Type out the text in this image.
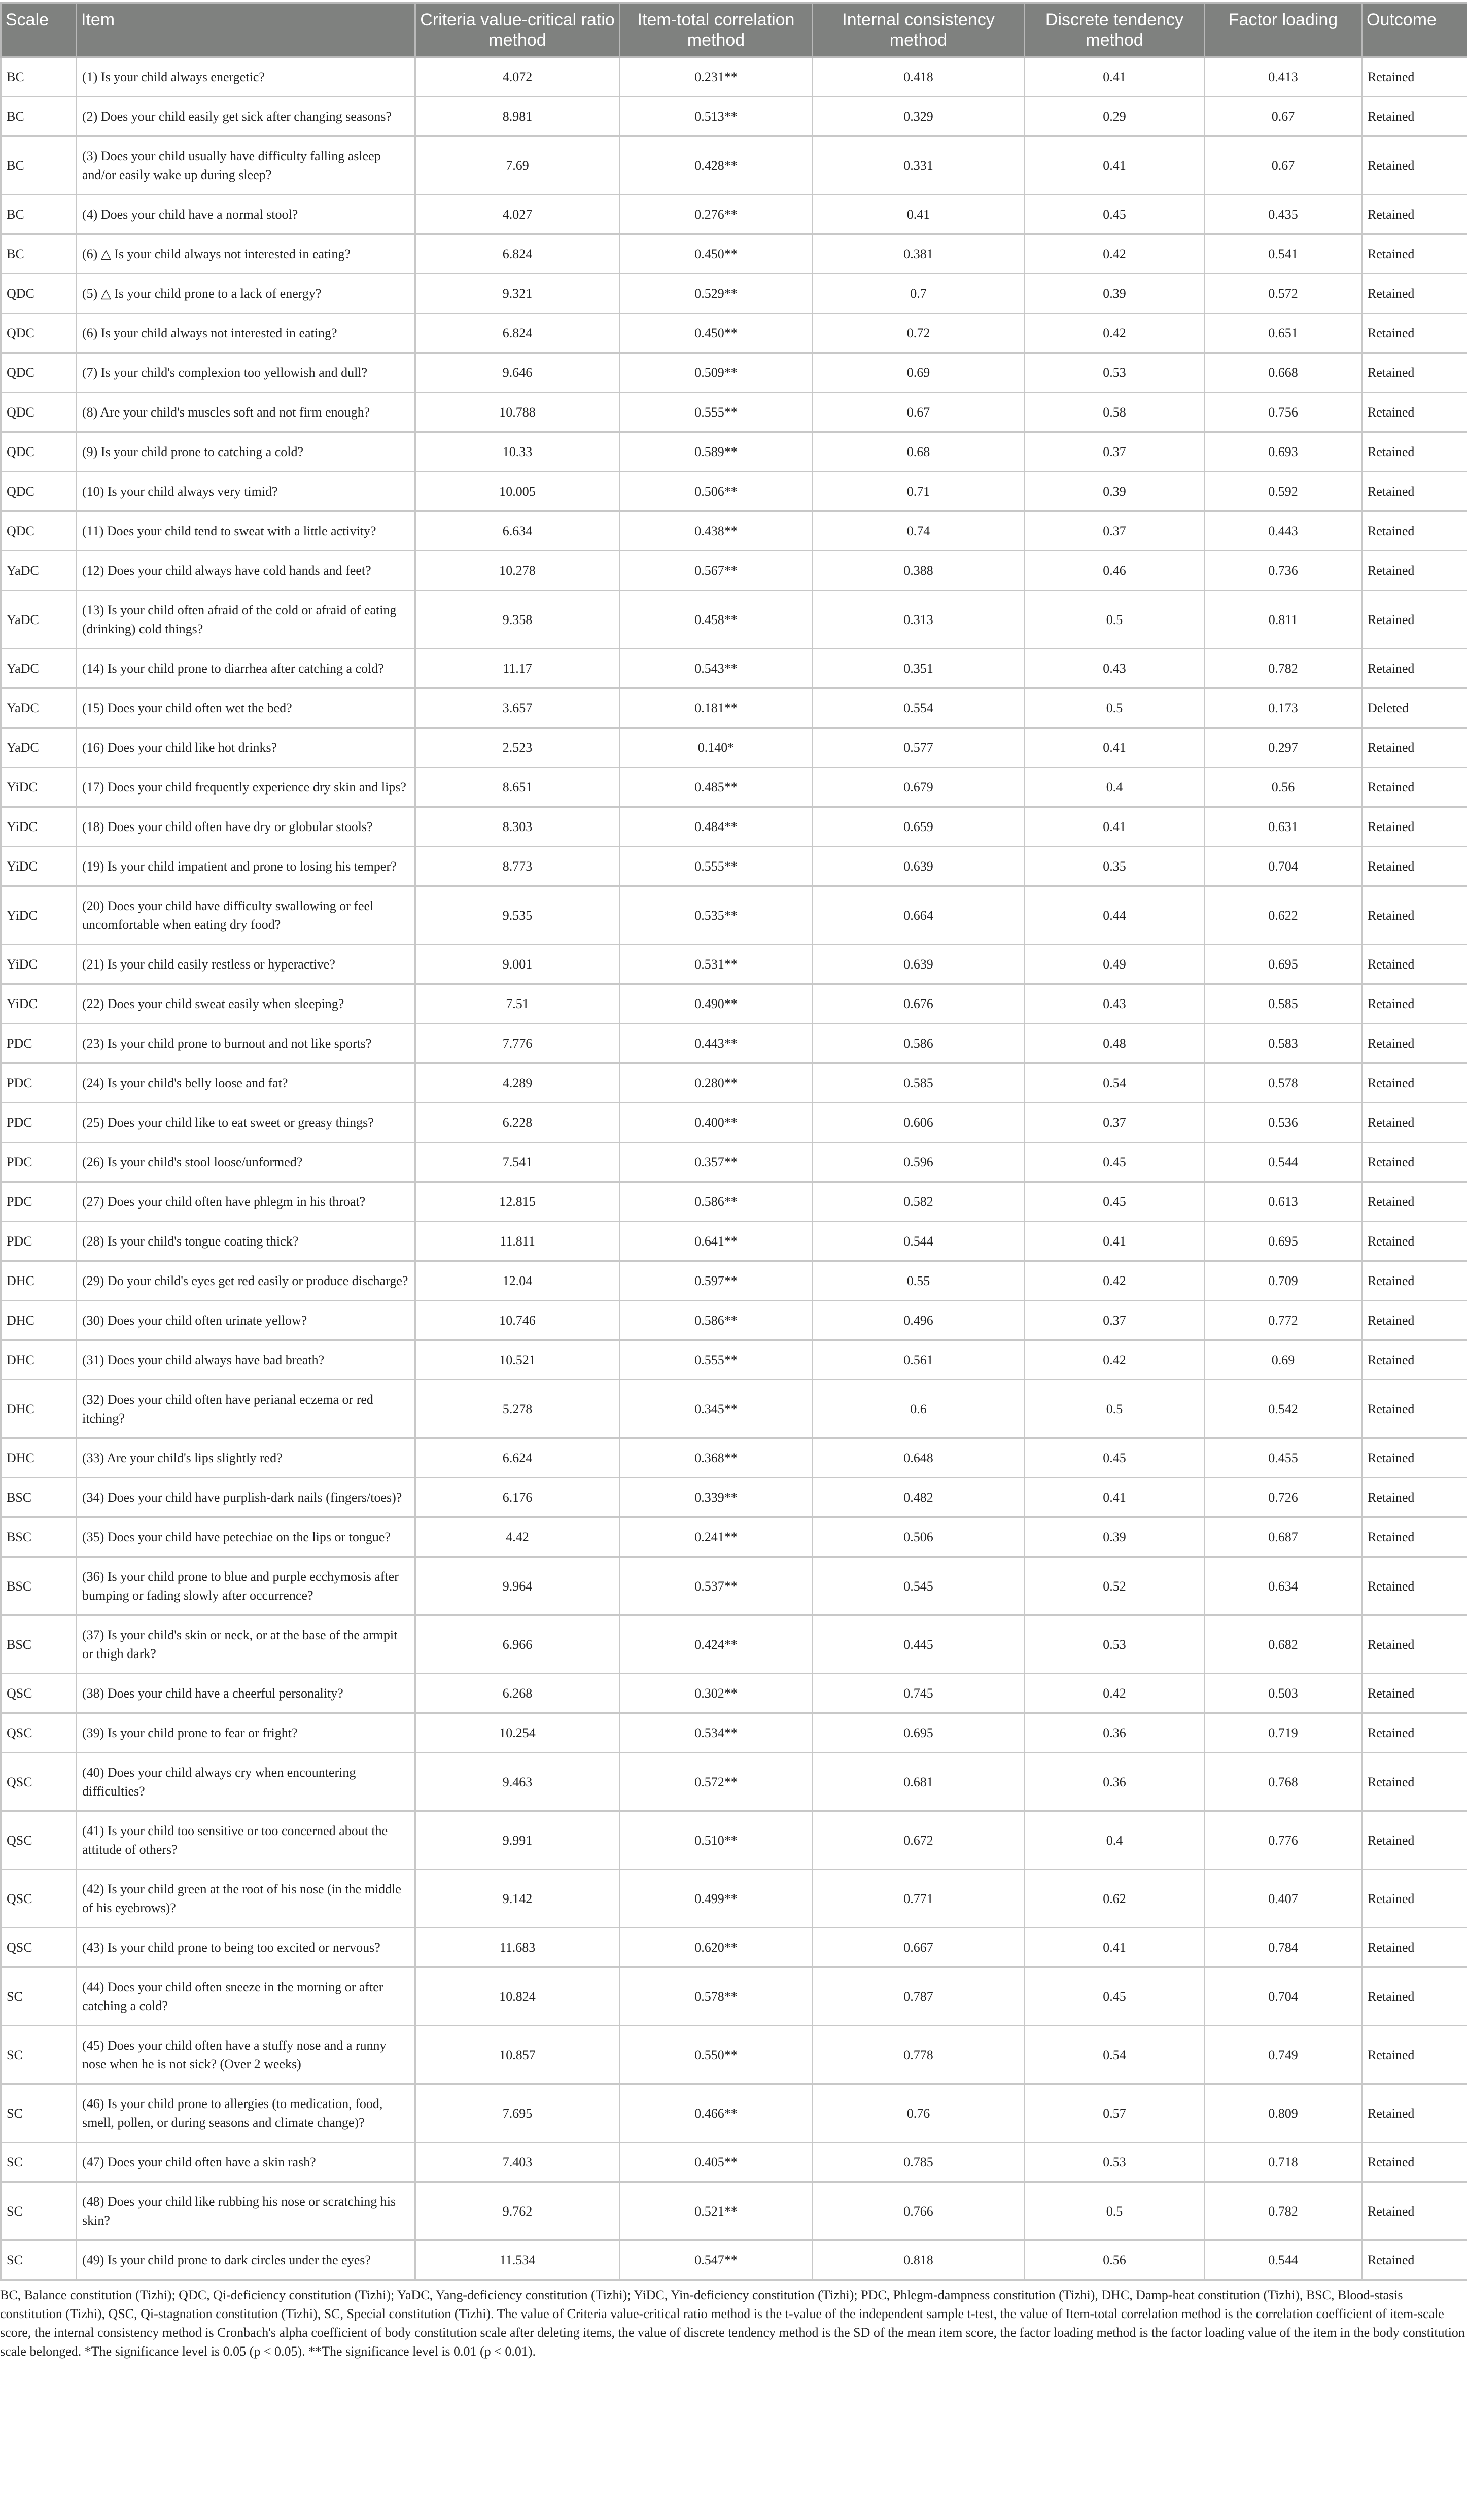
Scale	Item	Criteria value-critical ratio method	Item-total correlation method	Internal consistency method	Discrete tendency method	Factor loading	Outcome
BC	(1) Is your child always energetic?	4.072	0.231**	0.418	0.41	0.413	Retained
BC	(2) Does your child easily get sick after changing seasons?	8.981	0.513**	0.329	0.29	0.67	Retained
BC	(3) Does your child usually have difficulty falling asleep and/or easily wake up during sleep?	7.69	0.428**	0.331	0.41	0.67	Retained
BC	(4) Does your child have a normal stool?	4.027	0.276**	0.41	0.45	0.435	Retained
BC	(6) △ Is your child always not interested in eating?	6.824	0.450**	0.381	0.42	0.541	Retained
QDC	(5) △ Is your child prone to a lack of energy?	9.321	0.529**	0.7	0.39	0.572	Retained
QDC	(6) Is your child always not interested in eating?	6.824	0.450**	0.72	0.42	0.651	Retained
QDC	(7) Is your child's complexion too yellowish and dull?	9.646	0.509**	0.69	0.53	0.668	Retained
QDC	(8) Are your child's muscles soft and not firm enough?	10.788	0.555**	0.67	0.58	0.756	Retained
QDC	(9) Is your child prone to catching a cold?	10.33	0.589**	0.68	0.37	0.693	Retained
QDC	(10) Is your child always very timid?	10.005	0.506**	0.71	0.39	0.592	Retained
QDC	(11) Does your child tend to sweat with a little activity?	6.634	0.438**	0.74	0.37	0.443	Retained
YaDC	(12) Does your child always have cold hands and feet?	10.278	0.567**	0.388	0.46	0.736	Retained
YaDC	(13) Is your child often afraid of the cold or afraid of eating (drinking) cold things?	9.358	0.458**	0.313	0.5	0.811	Retained
YaDC	(14) Is your child prone to diarrhea after catching a cold?	11.17	0.543**	0.351	0.43	0.782	Retained
YaDC	(15) Does your child often wet the bed?	3.657	0.181**	0.554	0.5	0.173	Deleted
YaDC	(16) Does your child like hot drinks?	2.523	0.140*	0.577	0.41	0.297	Retained
YiDC	(17) Does your child frequently experience dry skin and lips?	8.651	0.485**	0.679	0.4	0.56	Retained
YiDC	(18) Does your child often have dry or globular stools?	8.303	0.484**	0.659	0.41	0.631	Retained
YiDC	(19) Is your child impatient and prone to losing his temper?	8.773	0.555**	0.639	0.35	0.704	Retained
YiDC	(20) Does your child have difficulty swallowing or feel uncomfortable when eating dry food?	9.535	0.535**	0.664	0.44	0.622	Retained
YiDC	(21) Is your child easily restless or hyperactive?	9.001	0.531**	0.639	0.49	0.695	Retained
YiDC	(22) Does your child sweat easily when sleeping?	7.51	0.490**	0.676	0.43	0.585	Retained
PDC	(23) Is your child prone to burnout and not like sports?	7.776	0.443**	0.586	0.48	0.583	Retained
PDC	(24) Is your child's belly loose and fat?	4.289	0.280**	0.585	0.54	0.578	Retained
PDC	(25) Does your child like to eat sweet or greasy things?	6.228	0.400**	0.606	0.37	0.536	Retained
PDC	(26) Is your child's stool loose/unformed?	7.541	0.357**	0.596	0.45	0.544	Retained
PDC	(27) Does your child often have phlegm in his throat?	12.815	0.586**	0.582	0.45	0.613	Retained
PDC	(28) Is your child's tongue coating thick?	11.811	0.641**	0.544	0.41	0.695	Retained
DHC	(29) Do your child's eyes get red easily or produce discharge?	12.04	0.597**	0.55	0.42	0.709	Retained
DHC	(30) Does your child often urinate yellow?	10.746	0.586**	0.496	0.37	0.772	Retained
DHC	(31) Does your child always have bad breath?	10.521	0.555**	0.561	0.42	0.69	Retained
DHC	(32) Does your child often have perianal eczema or red itching?	5.278	0.345**	0.6	0.5	0.542	Retained
DHC	(33) Are your child's lips slightly red?	6.624	0.368**	0.648	0.45	0.455	Retained
BSC	(34) Does your child have purplish-dark nails (fingers/toes)?	6.176	0.339**	0.482	0.41	0.726	Retained
BSC	(35) Does your child have petechiae on the lips or tongue?	4.42	0.241**	0.506	0.39	0.687	Retained
BSC	(36) Is your child prone to blue and purple ecchymosis after bumping or fading slowly after occurrence?	9.964	0.537**	0.545	0.52	0.634	Retained
BSC	(37) Is your child's skin or neck, or at the base of the armpit or thigh dark?	6.966	0.424**	0.445	0.53	0.682	Retained
QSC	(38) Does your child have a cheerful personality?	6.268	0.302**	0.745	0.42	0.503	Retained
QSC	(39) Is your child prone to fear or fright?	10.254	0.534**	0.695	0.36	0.719	Retained
QSC	(40) Does your child always cry when encountering difficulties?	9.463	0.572**	0.681	0.36	0.768	Retained
QSC	(41) Is your child too sensitive or too concerned about the attitude of others?	9.991	0.510**	0.672	0.4	0.776	Retained
QSC	(42) Is your child green at the root of his nose (in the middle of his eyebrows)?	9.142	0.499**	0.771	0.62	0.407	Retained
QSC	(43) Is your child prone to being too excited or nervous?	11.683	0.620**	0.667	0.41	0.784	Retained
SC	(44) Does your child often sneeze in the morning or after catching a cold?	10.824	0.578**	0.787	0.45	0.704	Retained
SC	(45) Does your child often have a stuffy nose and a runny nose when he is not sick? (Over 2 weeks)	10.857	0.550**	0.778	0.54	0.749	Retained
SC	(46) Is your child prone to allergies (to medication, food, smell, pollen, or during seasons and climate change)?	7.695	0.466**	0.76	0.57	0.809	Retained
SC	(47) Does your child often have a skin rash?	7.403	0.405**	0.785	0.53	0.718	Retained
SC	(48) Does your child like rubbing his nose or scratching his skin?	9.762	0.521**	0.766	0.5	0.782	Retained
SC	(49) Is your child prone to dark circles under the eyes?	11.534	0.547**	0.818	0.56	0.544	Retained
BC, Balance constitution (Tizhi); QDC, Qi-deficiency constitution (Tizhi); YaDC, Yang-deficiency constitution (Tizhi); YiDC, Yin-deficiency constitution (Tizhi); PDC, Phlegm-dampness constitution (Tizhi), DHC, Damp-heat constitution (Tizhi), BSC, Blood-stasis constitution (Tizhi), QSC, Qi-stagnation constitution (Tizhi), SC, Special constitution (Tizhi). The value of Criteria value-critical ratio method is the t-value of the independent sample t-test, the value of Item-total correlation method is the correlation coefficient of item-scale score, the internal consistency method is Cronbach's alpha coefficient of body constitution scale after deleting items, the value of discrete tendency method is the SD of the mean item score, the factor loading method is the factor loading value of the item in the body constitution scale belonged. *The significance level is 0.05 (p < 0.05). **The significance level is 0.01 (p < 0.01).
